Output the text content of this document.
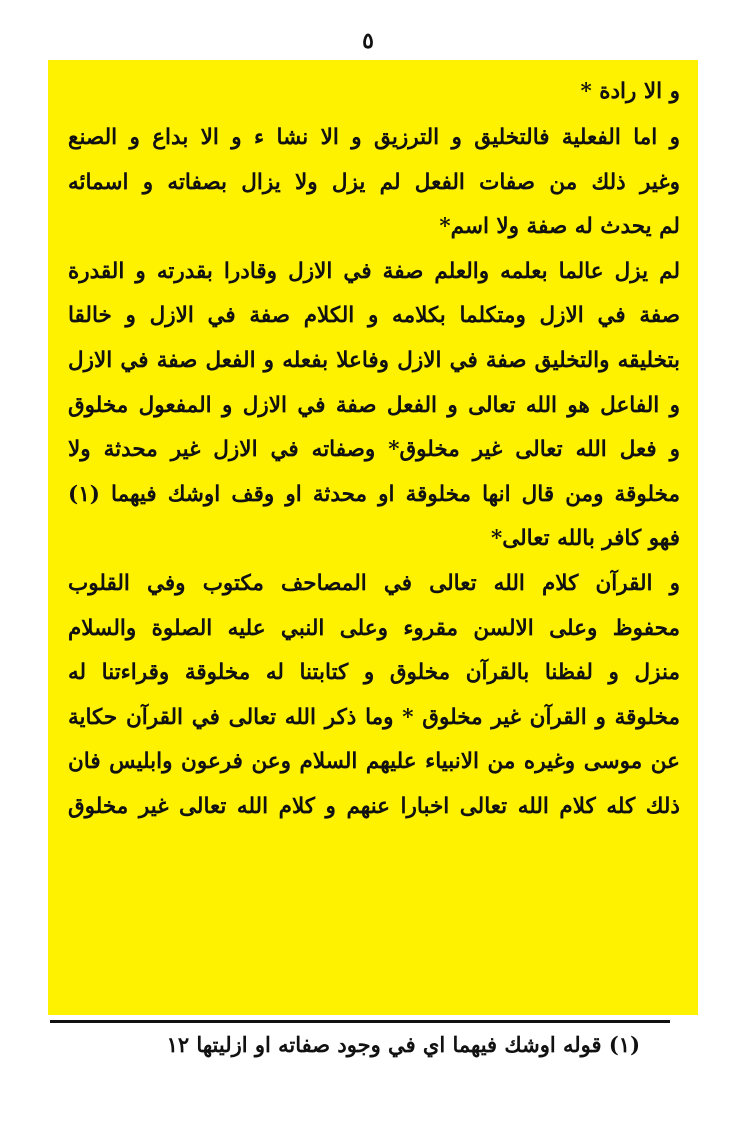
٥
و الا رادة *
و اما الفعلية فالتخليق و الترزيق و الا نشا ء و الا بداع و الصنع
وغير ذلك من صفات الفعل لم يزل ولا يزال بصفاته و اسمائه
لم يحدث له صفة ولا اسم*
لم يزل عالما بعلمه والعلم صفة في الازل وقادرا بقدرته و القدرة
صفة في الازل ومتكلما بكلامه و الكلام صفة في الازل و خالقا
بتخليقه والتخليق صفة في الازل وفاعلا بفعله و الفعل صفة في الازل
و الفاعل هو الله تعالى و الفعل صفة في الازل و المفعول مخلوق
و فعل الله تعالى غير مخلوق* وصفاته في الازل غير محدثة ولا
مخلوقة ومن قال انها مخلوقة او محدثة او وقف اوشك فيهما (١)
فهو كافر بالله تعالى*
و القرآن كلام الله تعالى في المصاحف مكتوب وفي القلوب
محفوظ وعلى الالسن مقروء وعلى النبي عليه الصلوة والسلام
منزل و لفظنا بالقرآن مخلوق و كتابتنا له مخلوقة وقراءتنا له
مخلوقة و القرآن غير مخلوق * وما ذكر الله تعالى في القرآن حكاية
عن موسى وغيره من الانبياء عليهم السلام وعن فرعون وابليس فان
ذلك كله كلام الله تعالى اخبارا عنهم و كلام الله تعالى غير مخلوق
(١) قوله اوشك فيهما اي في وجود صفاته او ازليتها ١٢
